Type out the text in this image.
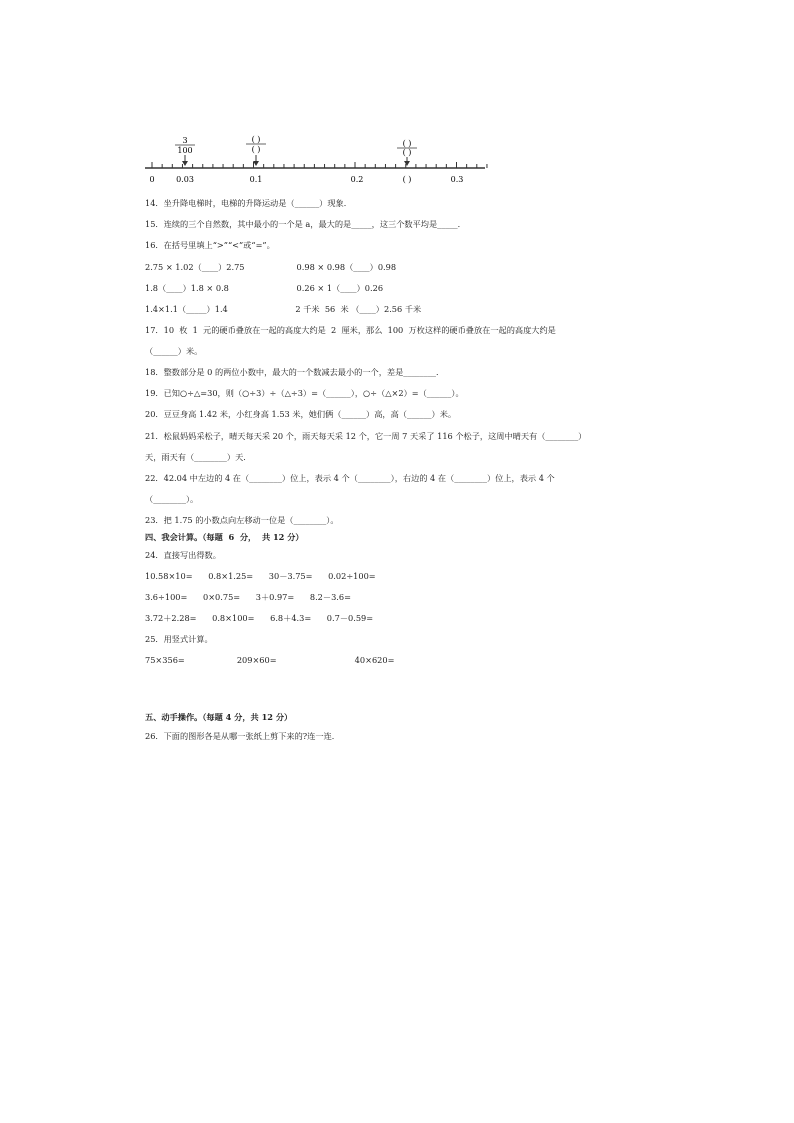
3
100
( )
( )
( )
( )
0	0.03	0.1	0.2	( )	0.3
14．坐升降电梯时，电梯的升降运动是（______）现象．
15．连续的三个自然数，其中最小的一个是 a，最大的是_____，这三个数平均是_____．
16．在括号里填上“>”“<”或“=”。
2.75 × 1.02（____）2.75                    0.98 × 0.98（____）0.98
1.8（____）1.8 × 0.8                          0.26 × 1（____）0.26
1.4×1.1（_____）1.4                          2 千米  56  米 （____）2.56 千米
17．10  枚  1  元的硬币叠放在一起的高度大约是  2  厘米，那么  100  万枚这样的硬币叠放在一起的高度大约是
（______）米。
18．整数部分是 0 的两位小数中，最大的一个数减去最小的一个，差是________．
19．已知○÷△=30，则（○÷3）÷（△÷3）=（______），○÷（△×2）=（______）。
20．豆豆身高 1.42 米，小红身高 1.53 米，她们俩（______）高，高（______）米。
21．松鼠妈妈采松子，晴天每天采 20 个，雨天每天采 12 个，它一周 7 天采了 116 个松子，这周中晴天有（________）
天，雨天有（________）天．
22．42.04 中左边的 4 在（________）位上，表示 4 个（________），右边的 4 在（________）位上，表示 4 个
（________）。
23．把 1.75 的小数点向左移动一位是（________）。
四、我会计算。（每题  6  分，  共 12 分）
24．直接写出得数。
10.58×10=      0.8×1.25=      30－3.75=      0.02÷100=
3.6÷100=      0×0.75=      3＋0.97=      8.2－3.6=
3.72＋2.28=      0.8×100=      6.8＋4.3=      0.7－0.59=
25．用竖式计算。
75×356=                    209×60=                              40×620=
五、动手操作。（每题 4 分，共 12 分）
26．下面的图形各是从哪一张纸上剪下来的?连一连．
